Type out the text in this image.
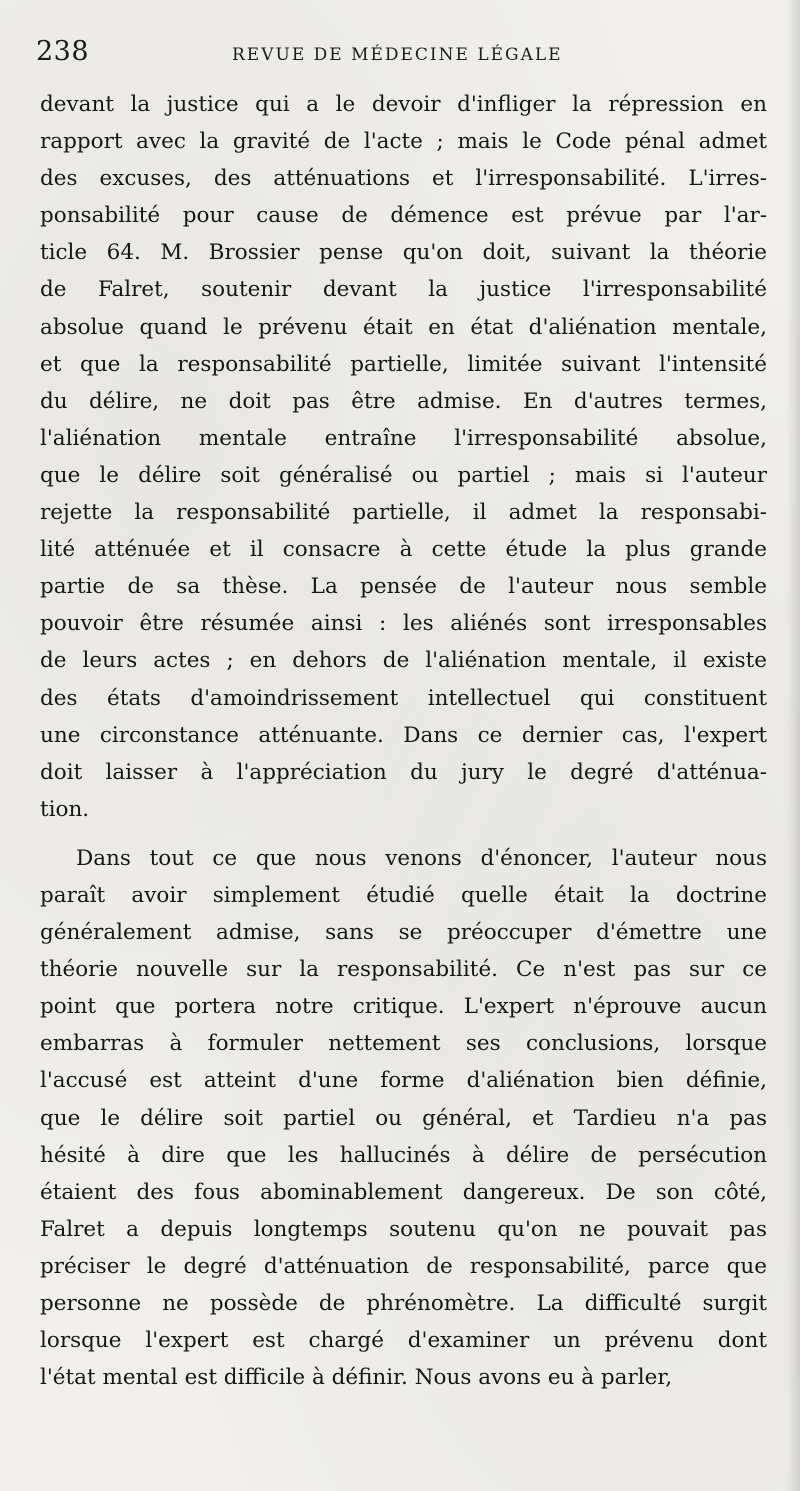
238	REVUE DE MÉDECINE LÉGALE
devant la justice qui a le devoir d'infliger la répression en
rapport avec la gravité de l'acte ; mais le Code pénal admet
des excuses, des atténuations et l'irresponsabilité. L'irres-
ponsabilité pour cause de démence est prévue par l'ar-
ticle 64. M. Brossier pense qu'on doit, suivant la théorie
de Falret, soutenir devant la justice l'irresponsabilité
absolue quand le prévenu était en état d'aliénation mentale,
et que la responsabilité partielle, limitée suivant l'intensité
du délire, ne doit pas être admise. En d'autres termes,
l'aliénation mentale entraîne l'irresponsabilité absolue,
que le délire soit généralisé ou partiel ; mais si l'auteur
rejette la responsabilité partielle, il admet la responsabi-
lité atténuée et il consacre à cette étude la plus grande
partie de sa thèse. La pensée de l'auteur nous semble
pouvoir être résumée ainsi : les aliénés sont irresponsables
de leurs actes ; en dehors de l'aliénation mentale, il existe
des états d'amoindrissement intellectuel qui constituent
une circonstance atténuante. Dans ce dernier cas, l'expert
doit laisser à l'appréciation du jury le degré d'atténua-
tion.
Dans tout ce que nous venons d'énoncer, l'auteur nous
paraît avoir simplement étudié quelle était la doctrine
généralement admise, sans se préoccuper d'émettre une
théorie nouvelle sur la responsabilité. Ce n'est pas sur ce
point que portera notre critique. L'expert n'éprouve aucun
embarras à formuler nettement ses conclusions, lorsque
l'accusé est atteint d'une forme d'aliénation bien définie,
que le délire soit partiel ou général, et Tardieu n'a pas
hésité à dire que les hallucinés à délire de persécution
étaient des fous abominablement dangereux. De son côté,
Falret a depuis longtemps soutenu qu'on ne pouvait pas
préciser le degré d'atténuation de responsabilité, parce que
personne ne possède de phrénomètre. La difficulté surgit
lorsque l'expert est chargé d'examiner un prévenu dont
l'état mental est difficile à définir. Nous avons eu à parler,
